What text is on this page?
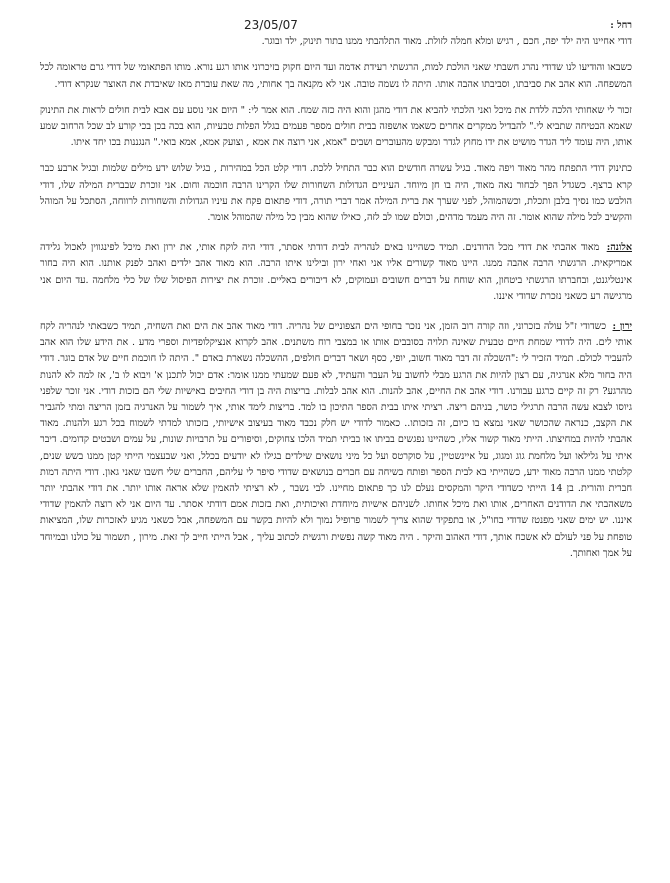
23/05/07	רחל :
דודי אחיינו היה ילד יפה, חכם , רגיש ומלא חמלה לזולת. מאוד התלהבתי ממנו בתור תינוק, ילד ובוגר.

כשבאו והודיעו לנו שדודי נהרג חשבתי שאני הולכת למות, הרגשתי רעידת אדמה ועד היום חקוק בזיכרוני אותו רגע נורא. מותו הפתאומי של דודי גרם טראומה לכל המשפחה. הוא אהב את סביבתו, וסביבתו אהבה אותו. היתה לו נשמה טובה. אני לא מקנאה בך אחותי, מה שאת עוברת מאז שאיבדת את האוצר שנקרא דודי.

זכור לי שאחותי הלכה ללדת את מיכל ואני הלכתי להביא את דודי מהגן והוא היה כזה שמח. הוא אמר לי: " היום אני נוסע עם אבא לבית חולים לראות את התינוק שאמא הבטיחה שתביא לי." להבדיל ממקרים אחרים כשאמו אושפזה בבית חולים מספר פעמים בגלל הפלות טבעיות, הוא בכה בכן בכי קורע לב שכל הרחוב שמע אותו, היה עומד ליד הגדר מושיט את ידו מחוץ לגדר ומבקש מהעוברים ושבים "אמא, אני רוצה את אמא , וצועק אמא, אמא בואי." הנגננות בכו יחד איתו.

כתינוק דודי התפתח מהר מאוד ויפה מאוד. בגיל עשרה חודשים הוא כבר התחיל ללכת. דודי קלט הכל במהירות , בגיל שלוש ידע מילים שלמות ובגיל ארבע כבר קרא ברצף. כשגדל הפך לבחור נאה מאוד, היה בו חן מיוחד. העיניים הגדולות השחורות שלו הקרינו הרבה חוכמה וחום. אני זוכרת שבברית המילה שלו, דודי הולבש כמו נסיך בלבן ותכלת, וכשהמוהל, לפני שערך את ברית המילה אמר דברי תורה, דודי פתאום פקח את עיניו הגדולות והשחורות לרווחה, הסתכל על המוהל והקשיב לכל מילה שהוא אומר. זה היה מעמד מדהים, וכולם שמו לב לזה, כאילו שהוא מבין כל מילה שהמוהל אומר.

אלונה: מאוד אהבתי את דודי מכל הדודנים. תמיד כשהיינו באים לנהריה לבית דודתי אסתר, דודי היה לוקח אותי, את ירון ואת מיכל לפינגווין לאכול גלידה אמריקאית. הרגשתי הרבה אהבה ממנו. היינו מאוד קשורים אליו אני ואחי ירון ובילינו איתו הרבה. הוא מאוד אהב ילדים ואהב לפנק אותנו. הוא היה בחור אינטליגנט, ובחברתו הרגשתי ביטחון, הוא שוחח על דברים חשובים ועמוקים, לא דיבורים באליים. זוכרת את יצירות הפיסול שלו של כלי מלחמה .עד היום אני מרגישה רע כשאני נזכרת שדודי איננו.

ירון : כשדודי ז"ל עולה בזכרוני, וזה קורה רוב הזמן, אני נזכר בחופי הים הצפוניים של נהריה. דודי מאוד אהב את הים ואת השחיה, תמיד כשבאתי לנהריה לקח אותי לים. היה לדודי שמחת חיים טבעית שאינה תלויה בסובבים אותו או במצבי רוח משתנים. אהב לקרוא אנציקלופדיות וספרי מדע . את הידע שלו הוא אהב להעביר לכולם. תמיד הזכיר לי :"השכלה זה דבר מאוד חשוב, יופי, כסף ושאר דברים חולפים, ההשכלה נשארת באדם ". היתה לו חוכמת חיים של אדם בוגר. דודי היה בחור מלא אנרגיה, עם רצון להיות את הרגע מבלי לחשוב על העבר והעתיד, לא פעם שמעתי ממנו אומר: אדם יכול לתכנן א' ויבוא לו ב', אז למה לא להנות מהרגע? רק זה קיים כרגע עבורנו. דודי אהב את החיים, אהב להנות. הוא אהב לבלות. בריצות היה בן דודי החיבים באישיות שלי הם בזכות דודי. אני זוכר שלפני גיוסו לצבא עשה הרבה תרגילי כושר, בניהם ריצה. רציתי איתו בבית הספר התיכון בו למד. בריצות לימד אותי, איך לשמור על האנרגיה בזמן הריצה ומתי להגביר את הקצב, כנראה שהכושר שאני נמצא בו כיום, זה בזכותו.. כאמור לדודי יש חלק נכבד מאוד בעיצוב אישיותי, בזכותו למדתי לשמוח בכל רגע ולהנות. מאוד אהבתי להיות במחיצתו. הייתי מאוד קשור אליו, כשהיינו נפגשים בביתו או בביתי תמיד הלכו צחוקים, וסיפורים על תרבויות שונות, על עמים ושבטים קדומים. דיבר איתי על גלילאו ועל מלחמת גוג ומגוג, על איינשטיין, על סוקרטס ועל כל מיני נושאים שילדים בגילו לא יודעים בכלל, ואני שבעצמי הייתי קטן ממנו בשש שנים, קלטתי ממנו הרבה מאוד ידע, כשהייתי בא לבית הספר ופותח בשיחה עם חברים בנושאים שדודי סיפר לי עליהם, החברים שלי חשבו שאני גאון. דודי היתה דמות חברית והורית. בן 14 הייתי כשדודי היקר והמקסים נעלם לנו כך פתאום מחיינו. לבי נשבר , לא רציתי להאמין שלא אראה אותו יותר. את דודי אהבתי יותר משאהבתי את הדודנים האחרים, אותו ואת מיכל אחותו. לשניהם אישיות מיוחדת ואיכותית, ואת בזכות אמם דודתי אסתר. עד היום אני לא רוצה להאמין שדודי איננו. יש ימים שאני מפנטז שדודי בחו"ל, או בתפקיד שהוא צריך לשמור פרופיל נמוך ולא להיות בקשר עם המשפחה, אבל כשאני מגיע לאזכרות שלו, המציאות טופחת על פני לעולם לא אשכח אותך, דודי האהוב והיקר . היה מאוד קשה נפשית ורגשית לכתוב עליך , אבל הייתי חייב לך זאת. מירון , תשמור על כולנו ובמיוחד על אמך ואחותך.
